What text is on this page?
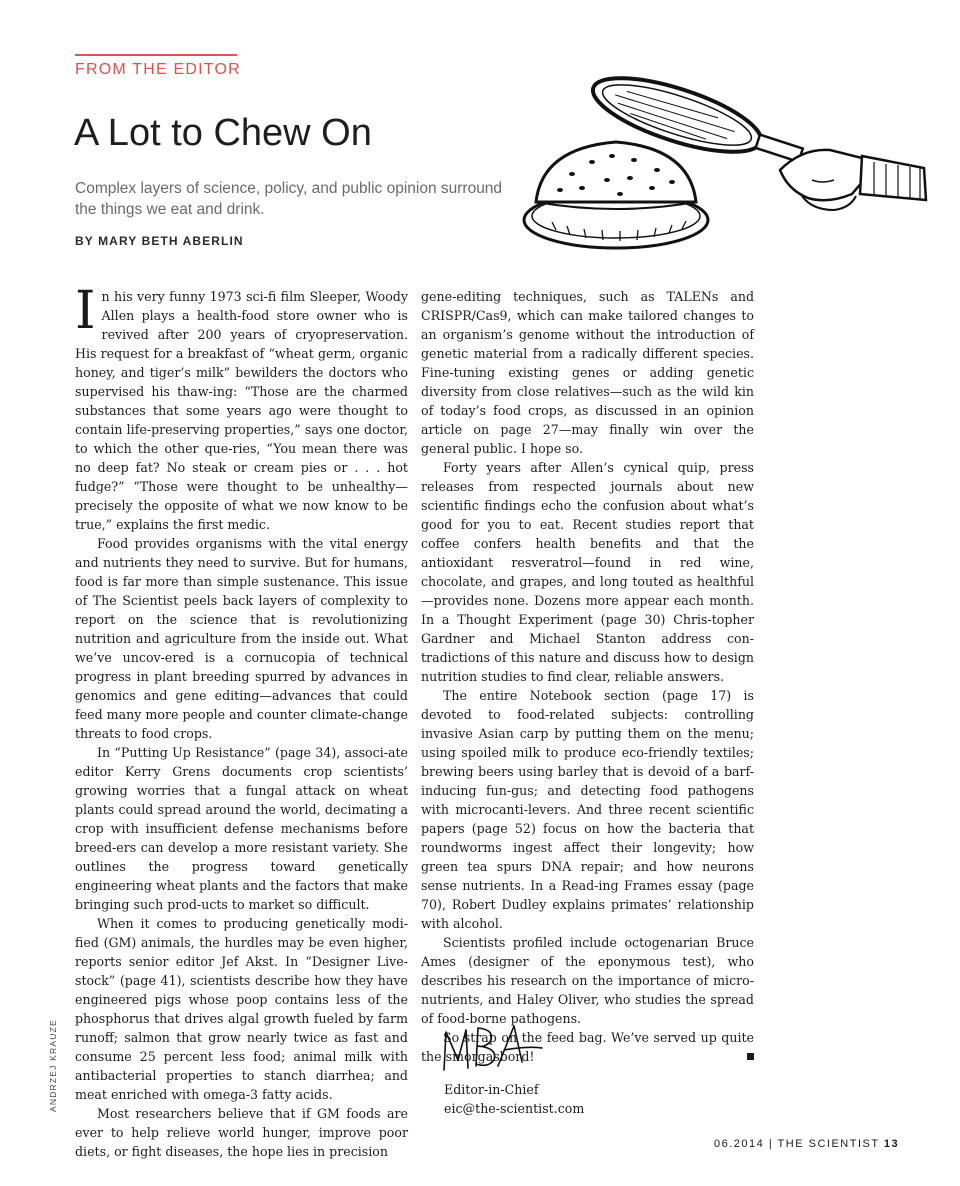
FROM THE EDITOR
A Lot to Chew On
Complex layers of science, policy, and public opinion surround the things we eat and drink.
BY MARY BETH ABERLIN

In his very funny 1973 sci-fi film Sleeper, Woody Allen plays a health-food store owner who is revived after 200 years of cryopreservation. His request for a breakfast of “wheat germ, organic honey, and tiger’s milk” bewilders the doctors who supervised his thaw-ing: “Those are the charmed substances that some years ago were thought to contain life-preserving properties,” says one doctor, to which the other que-ries, “You mean there was no deep fat? No steak or cream pies or . . . hot fudge?” “Those were thought to be unhealthy—precisely the opposite of what we now know to be true,” explains the first medic.

Food provides organisms with the vital energy and nutrients they need to survive. But for humans, food is far more than simple sustenance. This issue of The Scientist peels back layers of complexity to report on the science that is revolutionizing nutrition and agriculture from the inside out. What we’ve uncov-ered is a cornucopia of technical progress in plant breeding spurred by advances in genomics and gene editing—advances that could feed many more people and counter climate-change threats to food crops.

In “Putting Up Resistance” (page 34), associ-ate editor Kerry Grens documents crop scientists’ growing worries that a fungal attack on wheat plants could spread around the world, decimating a crop with insufficient defense mechanisms before breed-ers can develop a more resistant variety. She outlines the progress toward genetically engineering wheat plants and the factors that make bringing such prod-ucts to market so difficult.

When it comes to producing genetically modi-fied (GM) animals, the hurdles may be even higher, reports senior editor Jef Akst. In “Designer Live-stock” (page 41), scientists describe how they have engineered pigs whose poop contains less of the phosphorus that drives algal growth fueled by farm runoff; salmon that grow nearly twice as fast and consume 25 percent less food; animal milk with antibacterial properties to stanch diarrhea; and meat enriched with omega-3 fatty acids.

Most researchers believe that if GM foods are ever to help relieve world hunger, improve poor diets, or fight diseases, the hope lies in precision

gene-editing techniques, such as TALENs and CRISPR/Cas9, which can make tailored changes to an organism’s genome without the introduction of genetic material from a radically different species. Fine-tuning existing genes or adding genetic diversity from close relatives—such as the wild kin of today’s food crops, as discussed in an opinion article on page 27—may finally win over the general public. I hope so.

Forty years after Allen’s cynical quip, press releases from respected journals about new scientific findings echo the confusion about what’s good for you to eat. Recent studies report that coffee confers health benefits and that the antioxidant resveratrol—found in red wine, chocolate, and grapes, and long touted as healthful—provides none. Dozens more appear each month. In a Thought Experiment (page 30) Chris-topher Gardner and Michael Stanton address con-tradictions of this nature and discuss how to design nutrition studies to find clear, reliable answers.

The entire Notebook section (page 17) is devoted to food-related subjects: controlling invasive Asian carp by putting them on the menu; using spoiled milk to produce eco-friendly textiles; brewing beers using barley that is devoid of a barf-inducing fun-gus; and detecting food pathogens with microcanti-levers. And three recent scientific papers (page 52) focus on how the bacteria that roundworms ingest affect their longevity; how green tea spurs DNA repair; and how neurons sense nutrients. In a Read-ing Frames essay (page 70), Robert Dudley explains primates’ relationship with alcohol.

Scientists profiled include octogenarian Bruce Ames (designer of the eponymous test), who describes his research on the importance of micro-nutrients, and Haley Oliver, who studies the spread of food-borne pathogens.

So strap on the feed bag. We’ve served up quite the smorgasbord!

Editor-in-Chief
eic@the-scientist.com
ANDRZEJ KRAUZE
06.2014 | THE SCIENTIST 13
